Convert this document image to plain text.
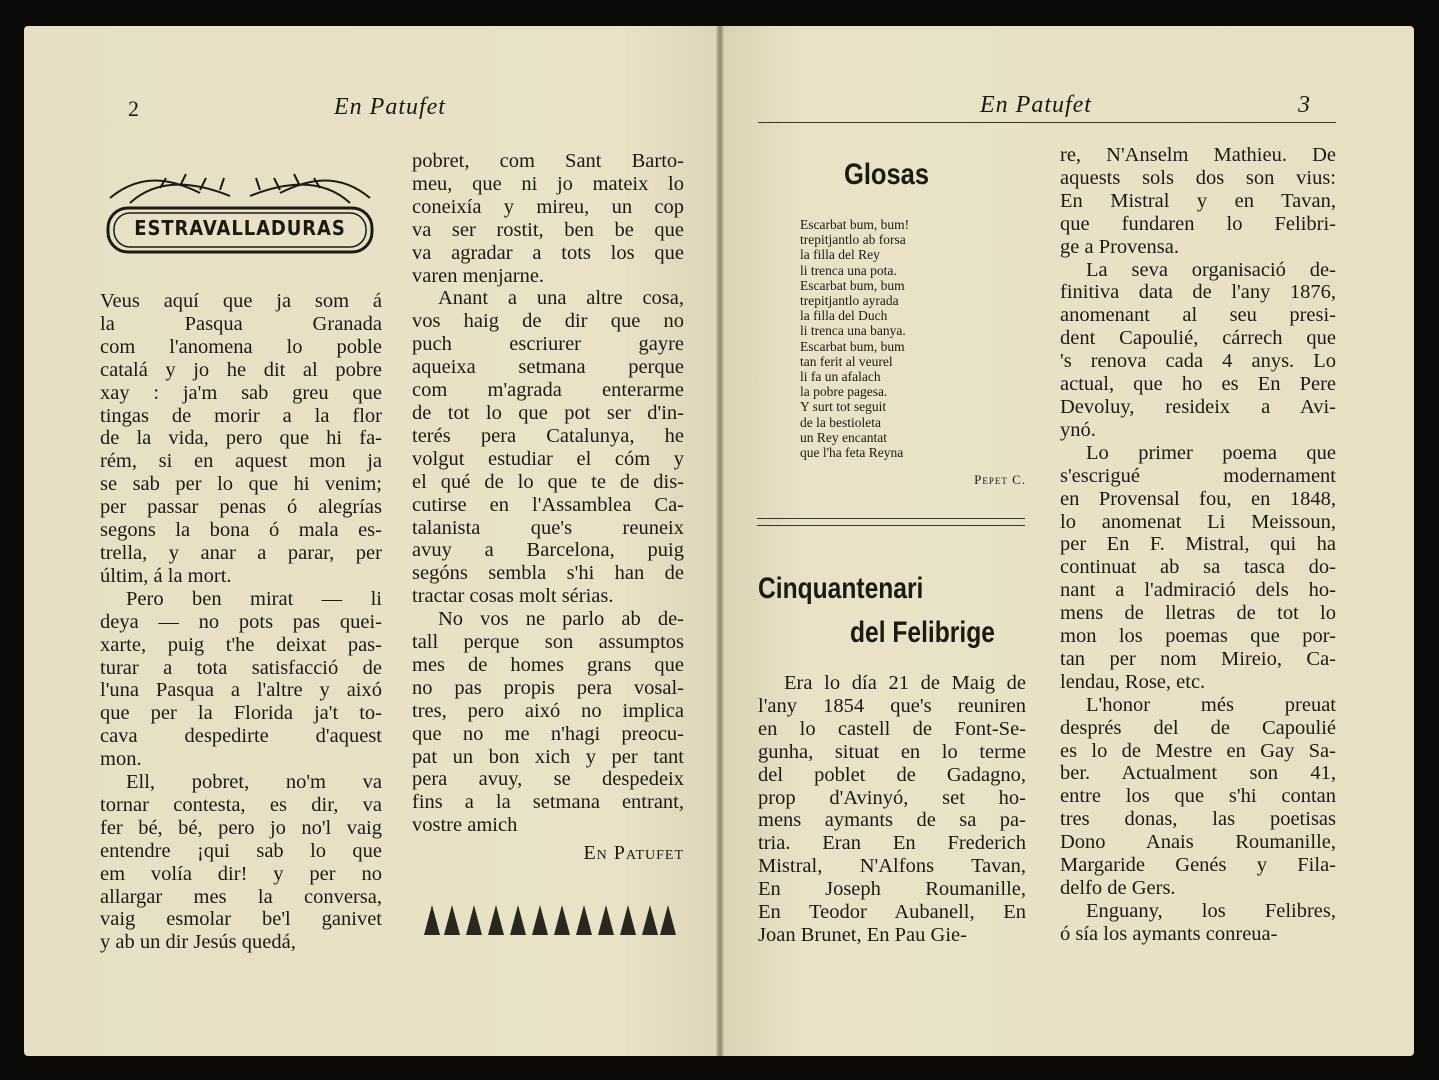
2	En Patufet
ESTRAVALLADURAS
Veus aquí que ja som á
la Pasqua Granada
com l'anomena lo poble
catalá y jo he dit al pobre
xay : ja'm sab greu que
tingas de morir a la flor
de la vida, pero que hi fa-
rém, si en aquest mon ja
se sab per lo que hi venim;
per passar penas ó alegrías
segons la bona ó mala es-
trella, y anar a parar, per
últim, á la mort.
Pero ben mirat — li
deya — no pots pas quei-
xarte, puig t'he deixat pas-
turar a tota satisfacció de
l'una Pasqua a l'altre y aixó
que per la Florida ja't to-
cava despedirte d'aquest
mon.
Ell, pobret, no'm va
tornar contesta, es dir, va
fer bé, bé, pero jo no'l vaig
entendre ¡qui sab lo que
em volía dir! y per no
allargar mes la conversa,
vaig esmolar be'l ganivet
y ab un dir Jesús quedá,
pobret, com Sant Barto-
meu, que ni jo mateix lo
coneixía y mireu, un cop
va ser rostit, ben be que
va agradar a tots los que
varen menjarne.
Anant a una altre cosa,
vos haig de dir que no
puch escriurer gayre
aqueixa setmana perque
com m'agrada enterarme
de tot lo que pot ser d'in-
terés pera Catalunya, he
volgut estudiar el cóm y
el qué de lo que te de dis-
cutirse en l'Assamblea Ca-
talanista que's reuneix
avuy a Barcelona, puig
segóns sembla s'hi han de
tractar cosas molt sérias.
No vos ne parlo ab de-
tall perque son assumptos
mes de homes grans que
no pas propis pera vosal-
tres, pero aixó no implica
que no me n'hagi preocu-
pat un bon xich y per tant
pera avuy, se despedeix
fins a la setmana entrant,
vostre amich
En Patufet
En Patufet	3
Glosas
Escarbat bum, bum!
trepitjantlo ab forsa
la filla del Rey
li trenca una pota.
Escarbat bum, bum
trepitjantlo ayrada
la filla del Duch
li trenca una banya.
Escarbat bum, bum
tan ferit al veurel
li fa un afalach
la pobre pagesa.
Y surt tot seguit
de la bestioleta
un Rey encantat
que l'ha feta Reyna
Pepet C.
Cinquantenari
del Felibrige
Era lo día 21 de Maig de
l'any 1854 que's reuniren
en lo castell de Font-Se-
gunha, situat en lo terme
del poblet de Gadagno,
prop d'Avinyó, set ho-
mens aymants de sa pa-
tria. Eran En Frederich
Mistral, N'Alfons Tavan,
En Joseph Roumanille,
En Teodor Aubanell, En
Joan Brunet, En Pau Gie-
re, N'Anselm Mathieu. De
aquests sols dos son vius:
En Mistral y en Tavan,
que fundaren lo Felibri-
ge a Provensa.
La seva organisació de-
finitiva data de l'any 1876,
anomenant al seu presi-
dent Capoulié, cárrech que
's renova cada 4 anys. Lo
actual, que ho es En Pere
Devoluy, resideix a Avi-
ynó.
Lo primer poema que
s'escrigué modernament
en Provensal fou, en 1848,
lo anomenat Li Meissoun,
per En F. Mistral, qui ha
continuat ab sa tasca do-
nant a l'admiració dels ho-
mens de lletras de tot lo
mon los poemas que por-
tan per nom Mireio, Ca-
lendau, Rose, etc.
L'honor més preuat
després del de Capoulié
es lo de Mestre en Gay Sa-
ber. Actualment son 41,
entre los que s'hi contan
tres donas, las poetisas
Dono Anais Roumanille,
Margaride Genés y Fila-
delfo de Gers.
Enguany, los Felibres,
ó sía los aymants conreua-
